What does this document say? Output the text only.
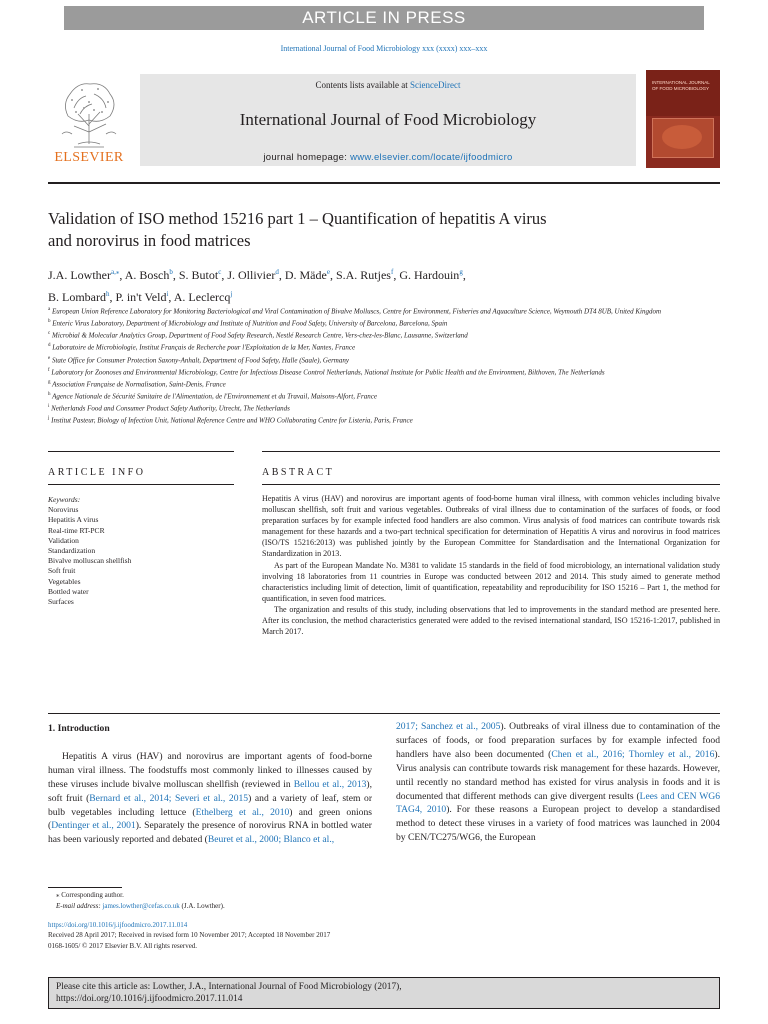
ARTICLE IN PRESS
International Journal of Food Microbiology xxx (xxxx) xxx–xxx
ELSEVIER
Contents lists available at ScienceDirect
International Journal of Food Microbiology
journal homepage: www.elsevier.com/locate/ijfoodmicro
INTERNATIONAL JOURNAL OF FOOD MICROBIOLOGY
Validation of ISO method 15216 part 1 – Quantification of hepatitis A virus
and norovirus in food matrices
J.A. Lowther$^{a,⁎}$, A. Bosch$^b$, S. Butot$^c$, J. Ollivier$^d$, D. Mäde$^e$, S.A. Rutjes$^f$, G. Hardouin$^g$,
B. Lombard$^h$, P. in't Veld$^i$, A. Leclercq$^j$
$^a$ European Union Reference Laboratory for Monitoring Bacteriological and Viral Contamination of Bivalve Molluscs, Centre for Environment, Fisheries and Aquaculture Science, Weymouth DT4 8UB, United Kingdom
$^b$ Enteric Virus Laboratory, Department of Microbiology and Institute of Nutrition and Food Safety, University of Barcelona, Barcelona, Spain
$^c$ Microbial & Molecular Analytics Group, Department of Food Safety Research, Nestlé Research Centre, Vers-chez-les-Blanc, Lausanne, Switzerland
$^d$ Laboratoire de Microbiologie, Institut Français de Recherche pour l'Exploitation de la Mer, Nantes, France
$^e$ State Office for Consumer Protection Saxony-Anhalt, Department of Food Safety, Halle (Saale), Germany
$^f$ Laboratory for Zoonoses and Environmental Microbiology, Centre for Infectious Disease Control Netherlands, National Institute for Public Health and the Environment, Bilthoven, The Netherlands
$^g$ Association Française de Normalisation, Saint-Denis, France
$^h$ Agence Nationale de Sécurité Sanitaire de l'Alimentation, de l'Environnement et du Travail, Maisons-Alfort, France
$^i$ Netherlands Food and Consumer Product Safety Authority, Utrecht, The Netherlands
$^j$ Institut Pasteur, Biology of Infection Unit, National Reference Centre and WHO Collaborating Centre for Listeria, Paris, France
ARTICLE INFO	ABSTRACT
Keywords:
Norovirus
Hepatitis A virus
Real-time RT-PCR
Validation
Standardization
Bivalve molluscan shellfish
Soft fruit
Vegetables
Bottled water
Surfaces

Hepatitis A virus (HAV) and norovirus are important agents of food-borne human viral illness, with common vehicles including bivalve molluscan shellfish, soft fruit and various vegetables. Outbreaks of viral illness due to contamination of the surfaces of foods, or food preparation surfaces by for example infected food handlers are also common. Virus analysis of food matrices can contribute towards risk management for these hazards and a two-part technical specification for determination of Hepatitis A virus and norovirus in food matrices (ISO/TS 15216:2013) was published jointly by the European Committee for Standardisation and the International Organization for Standardization in 2013.

As part of the European Mandate No. M381 to validate 15 standards in the field of food microbiology, an international validation study involving 18 laboratories from 11 countries in Europe was conducted between 2012 and 2014. This study aimed to generate method characteristics including limit of detection, limit of quantification, repeatability and reproducibility for ISO 15216 – Part 1, the method for quantification, in seven food matrices.

The organization and results of this study, including observations that led to improvements in the standard method are presented here. After its conclusion, the method characteristics generated were added to the revised international standard, ISO 15216-1:2017, published in March 2017.

1. Introduction

Hepatitis A virus (HAV) and norovirus are important agents of food-borne human viral illness. The foodstuffs most commonly linked to illnesses caused by these viruses include bivalve molluscan shellfish (reviewed in Bellou et al., 2013), soft fruit (Bernard et al., 2014; Severi et al., 2015) and a variety of leaf, stem or bulb vegetables including lettuce (Ethelberg et al., 2010) and green onions (Dentinger et al., 2001). Separately the presence of norovirus RNA in bottled water has been variously reported and debated (Beuret et al., 2000; Blanco et al.,

2017; Sanchez et al., 2005). Outbreaks of viral illness due to contamination of the surfaces of foods, or food preparation surfaces by for example infected food handlers have also been documented (Chen et al., 2016; Thornley et al., 2016). Virus analysis can contribute towards risk management for these hazards. However, until recently no standard method has existed for virus analysis in foods and it is documented that different methods can give divergent results (Lees and CEN WG6 TAG4, 2010). For these reasons a European project to develop a standardised method to detect these viruses in a variety of food matrices was launched in 2004 by CEN/TC275/WG6, the European

⁎ Corresponding author.
E-mail address: james.lowther@cefas.co.uk (J.A. Lowther).
https://doi.org/10.1016/j.ijfoodmicro.2017.11.014
Received 28 April 2017; Received in revised form 10 November 2017; Accepted 18 November 2017
0168-1605/ © 2017 Elsevier B.V. All rights reserved.
Please cite this article as: Lowther, J.A., International Journal of Food Microbiology (2017),
https://doi.org/10.1016/j.ijfoodmicro.2017.11.014
